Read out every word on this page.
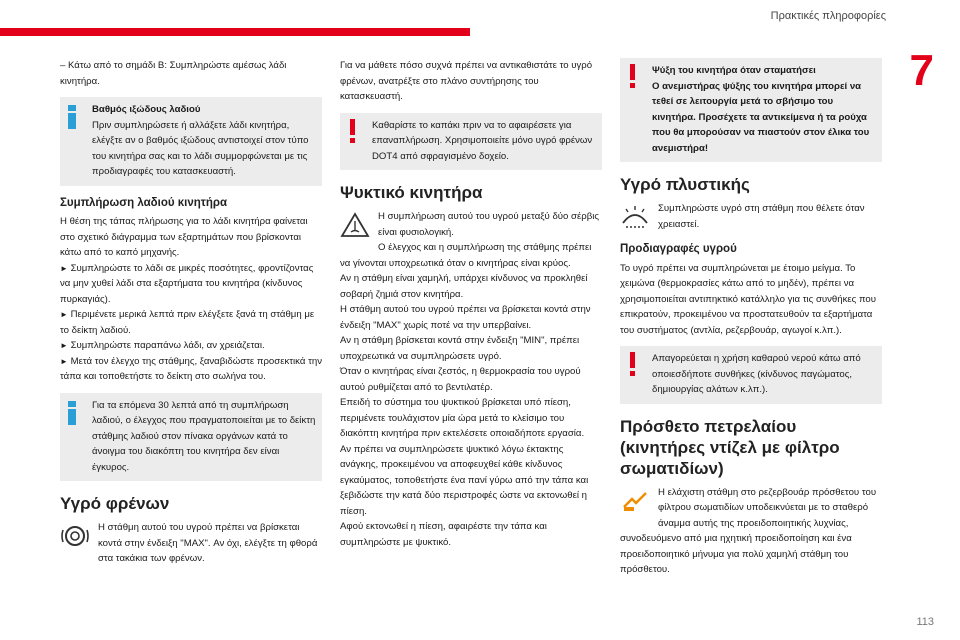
Πρακτικές πληροφορίες
7
113

– Κάτω από το σημάδι B: Συμπληρώστε αμέσως λάδι κινητήρα.

Βαθμός ιξώδους λαδιού

Πριν συμπληρώσετε ή αλλάξετε λάδι κινητήρα, ελέγξτε αν ο βαθμός ιξώδους αντιστοιχεί στον τύπο του κινητήρα σας και το λάδι συμμορφώνεται με τις προδιαγραφές του κατασκευαστή.

Συμπλήρωση λαδιού κινητήρα

Η θέση της τάπας πλήρωσης για το λάδι κινητήρα φαίνεται στο σχετικό διάγραμμα των εξαρτημάτων που βρίσκονται κάτω από το καπό μηχανής.

► Συμπληρώστε το λάδι σε μικρές ποσότητες, φροντίζοντας να μην χυθεί λάδι στα εξαρτήματα του κινητήρα (κίνδυνος πυρκαγιάς).

► Περιμένετε μερικά λεπτά πριν ελέγξετε ξανά τη στάθμη με το δείκτη λαδιού.

► Συμπληρώστε παραπάνω λάδι, αν χρειάζεται.

► Μετά τον έλεγχο της στάθμης, ξαναβιδώστε προσεκτικά την τάπα και τοποθετήστε το δείκτη στο σωλήνα του.

Για τα επόμενα 30 λεπτά από τη συμπλήρωση λαδιού, ο έλεγχος που πραγματοποιείται με το δείκτη στάθμης λαδιού στον πίνακα οργάνων κατά το άνοιγμα του διακόπτη του κινητήρα δεν είναι έγκυρος.

Υγρό φρένων

Η στάθμη αυτού του υγρού πρέπει να βρίσκεται κοντά στην ένδειξη "MAX". Αν όχι, ελέγξτε τη φθορά στα τακάκια των φρένων.

Για να μάθετε πόσο συχνά πρέπει να αντικαθιστάτε το υγρό φρένων, ανατρέξτε στο πλάνο συντήρησης του κατασκευαστή.

Καθαρίστε το καπάκι πριν να το αφαιρέσετε για επαναπλήρωση. Χρησιμοποιείτε μόνο υγρό φρένων DOT4 από σφραγισμένο δοχείο.

Ψυκτικό κινητήρα

Η συμπλήρωση αυτού του υγρού μεταξύ δύο σέρβις είναι φυσιολογική.

Ο έλεγχος και η συμπλήρωση της στάθμης πρέπει να γίνονται υποχρεωτικά όταν ο κινητήρας είναι κρύος.

Αν η στάθμη είναι χαμηλή, υπάρχει κίνδυνος να προκληθεί σοβαρή ζημιά στον κινητήρα.

Η στάθμη αυτού του υγρού πρέπει να βρίσκεται κοντά στην ένδειξη "MAX" χωρίς ποτέ να την υπερβαίνει.

Αν η στάθμη βρίσκεται κοντά στην ένδειξη "MIN", πρέπει υποχρεωτικά να συμπληρώσετε υγρό.

Όταν ο κινητήρας είναι ζεστός, η θερμοκρασία του υγρού αυτού ρυθμίζεται από το βεντιλατέρ.

Επειδή το σύστημα του ψυκτικού βρίσκεται υπό πίεση, περιμένετε τουλάχιστον μία ώρα μετά το κλείσιμο του διακόπτη κινητήρα πριν εκτελέσετε οποιαδήποτε εργασία.

Αν πρέπει να συμπληρώσετε ψυκτικό λόγω έκτακτης ανάγκης, προκειμένου να αποφευχθεί κάθε κίνδυνος εγκαύματος, τοποθετήστε ένα πανί γύρω από την τάπα και ξεβιδώστε την κατά δύο περιστροφές ώστε να εκτονωθεί η πίεση.

Αφού εκτονωθεί η πίεση, αφαιρέστε την τάπα και συμπληρώστε με ψυκτικό.

Ψύξη του κινητήρα όταν σταματήσει

Ο ανεμιστήρας ψύξης του κινητήρα μπορεί να τεθεί σε λειτουργία μετά το σβήσιμο του κινητήρα. Προσέχετε τα αντικείμενα ή τα ρούχα που θα μπορούσαν να πιαστούν στον έλικα του ανεμιστήρα!

Υγρό πλυστικής

Συμπληρώστε υγρό στη στάθμη που θέλετε όταν χρειαστεί.

Προδιαγραφές υγρού

Το υγρό πρέπει να συμπληρώνεται με έτοιμο μείγμα. Το χειμώνα (θερμοκρασίες κάτω από το μηδέν), πρέπει να χρησιμοποιείται αντιπηκτικό κατάλληλο για τις συνθήκες που επικρατούν, προκειμένου να προστατευθούν τα εξαρτήματα του συστήματος (αντλία, ρεζερβουάρ, αγωγοί κ.λπ.).

Απαγορεύεται η χρήση καθαρού νερού κάτω από οποιεσδήποτε συνθήκες (κίνδυνος παγώματος, δημιουργίας αλάτων κ.λπ.).

Πρόσθετο πετρελαίου (κινητήρες ντίζελ με φίλτρο σωματιδίων)

Η ελάχιστη στάθμη στο ρεζερβουάρ πρόσθετου του φίλτρου σωματιδίων υποδεικνύεται με το σταθερό άναμμα αυτής της προειδοποιητικής λυχνίας, συνοδευόμενο από μια ηχητική προειδοποίηση και ένα προειδοποιητικό μήνυμα για πολύ χαμηλή στάθμη του πρόσθετου.
